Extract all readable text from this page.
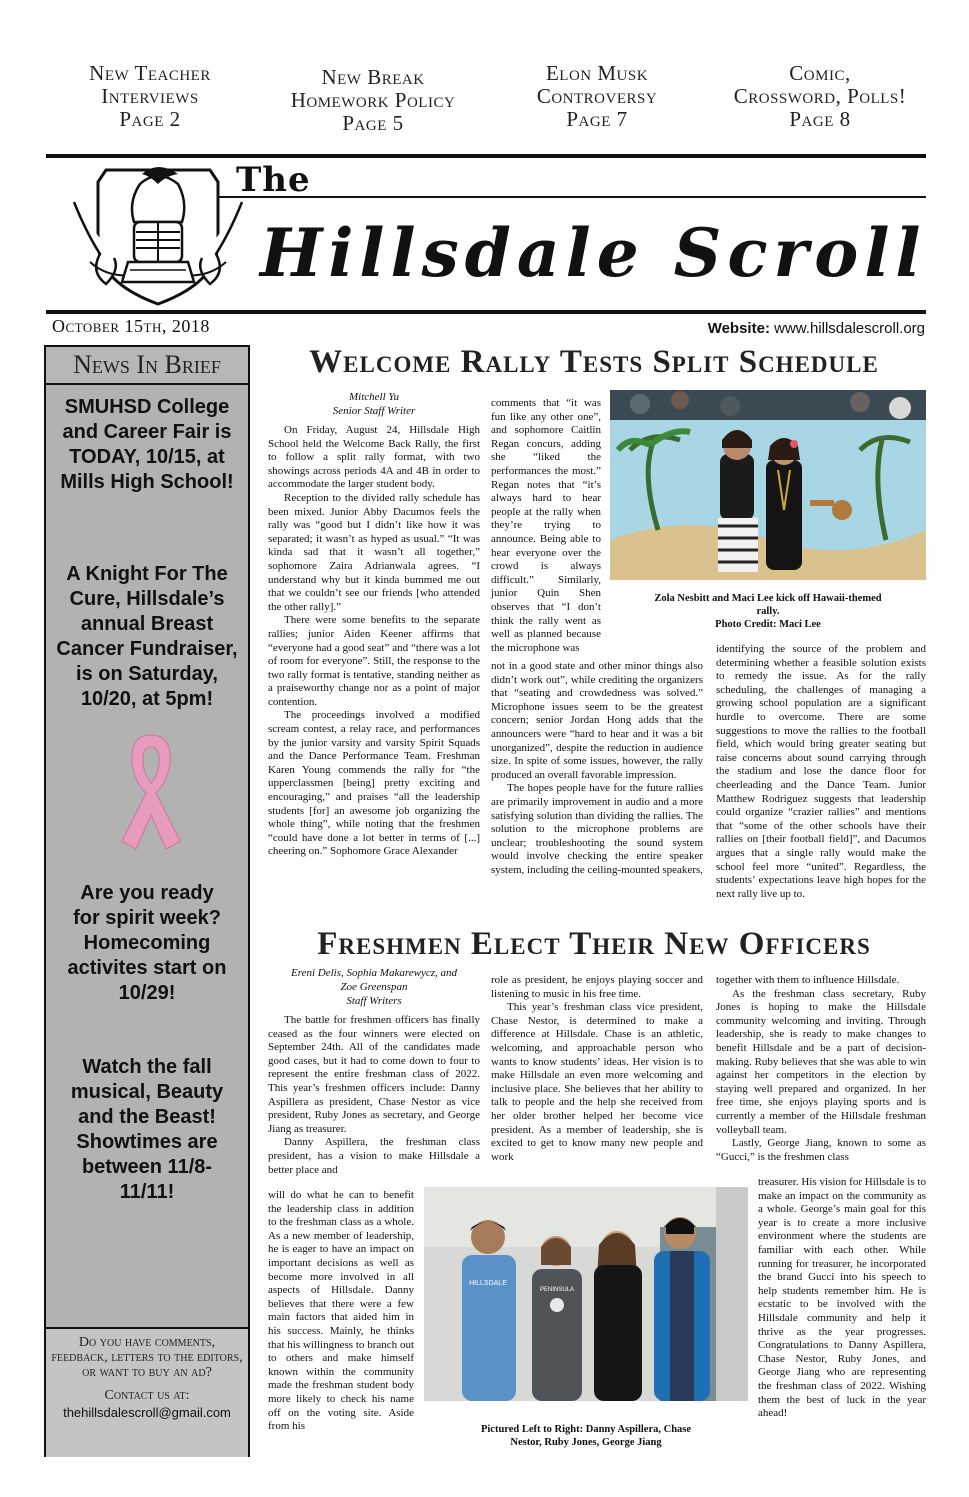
New Teacher
Interviews
Page 2
New Break
Homework Policy
Page 5
Elon Musk
Controversy
Page 7
Comic,
Crossword, Polls!
Page 8
The
Hillsdale Scroll
October 15th, 2018	Website: www.hillsdalescroll.org
News In Brief
SMUHSD College
and Career Fair is
TODAY, 10/15, at
Mills High School!
A Knight For The
Cure, Hillsdale’s
annual Breast
Cancer Fundraiser,
is on Saturday,
10/20, at 5pm!
Are you ready
for spirit week?
Homecoming
activites start on
10/29!
Watch the fall
musical, Beauty
and the Beast!
Showtimes are
between 11/8-
11/11!
Do you have comments, feedback, letters to the editors, or want to buy an ad?
Contact us at:
thehillsdalescroll@gmail.com
Welcome Rally Tests Split Schedule
Mitchell Yu
Senior Staff Writer

On Friday, August 24, Hillsdale High School held the Welcome Back Rally, the first to follow a split rally format, with two showings across periods 4A and 4B in order to accommodate the larger student body.

Reception to the divided rally schedule has been mixed. Junior Abby Dacumos feels the rally was “good but I didn’t like how it was separated; it wasn’t as hyped as usual.” “It was kinda sad that it wasn’t all together,” sophomore Zaira Adrianwala agrees. “I understand why but it kinda bummed me out that we couldn’t see our friends [who attended the other rally].”

There were some benefits to the separate rallies; junior Aiden Keener affirms that “everyone had a good seat” and “there was a lot of room for everyone”. Still, the response to the two rally format is tentative, standing neither as a praiseworthy change nor as a point of major contention.

The proceedings involved a modified scream contest, a relay race, and performances by the junior varsity and varsity Spirit Squads and the Dance Performance Team. Freshman Karen Young commends the rally for “the upperclassmen [being] pretty exciting and encouraging,” and praises “all the leadership students [for] an awesome job organizing the whole thing”, while noting that the freshmen “could have done a lot better in terms of [...] cheering on.” Sophomore Grace Alexander

comments that “it was fun like any other one”, and sophomore Caitlin Regan concurs, adding she “liked the performances the most.” Regan notes that “it’s always hard to hear people at the rally when they’re trying to announce. Being able to hear everyone over the crowd is always difficult.” Similarly, junior Quin Shen observes that “I don’t think the rally went as well as planned because the microphone was

not in a good state and other minor things also didn’t work out”, while crediting the organizers that “seating and crowdedness was solved.” Microphone issues seem to be the greatest concern; senior Jordan Hong adds that the announcers were “hard to hear and it was a bit unorganized”, despite the reduction in audience size. In spite of some issues, however, the rally produced an overall favorable impression.

The hopes people have for the future rallies are primarily improvement in audio and a more satisfying solution than dividing the rallies. The solution to the microphone problems are unclear; troubleshooting the sound system would involve checking the entire speaker system, including the ceiling-mounted speakers,

Zola Nesbitt and Maci Lee kick off Hawaii-themed
rally.
Photo Credit: Maci Lee

identifying the source of the problem and determining whether a feasible solution exists to remedy the issue. As for the rally scheduling, the challenges of managing a growing school population are a significant hurdle to overcome. There are some suggestions to move the rallies to the football field, which would bring greater seating but raise concerns about sound carrying through the stadium and lose the dance floor for cheerleading and the Dance Team. Junior Matthew Rodriguez suggests that leadership could organize “crazier rallies” and mentions that “some of the other schools have their rallies on [their football field]”, and Dacumos argues that a single rally would make the school feel more “united”. Regardless, the students’ expectations leave high hopes for the next rally live up to.

Freshmen Elect Their New Officers
Ereni Delis, Sophia Makarewycz, and
Zoe Greenspan
Staff Writers

The battle for freshmen officers has finally ceased as the four winners were elected on September 24th. All of the candidates made good cases, but it had to come down to four to represent the entire freshman class of 2022. This year’s freshmen officers include: Danny Aspillera as president, Chase Nestor as vice president, Ruby Jones as secretary, and George Jiang as treasurer.

Danny Aspillera, the freshman class president, has a vision to make Hillsdale a better place and

will do what he can to benefit the leadership class in addition to the freshman class as a whole. As a new member of leadership, he is eager to have an impact on important decisions as well as become more involved in all aspects of Hillsdale. Danny believes that there were a few main factors that aided him in his success. Mainly, he thinks that his willingness to branch out to others and make himself known within the community made the freshman student body more likely to check his name off on the voting site. Aside from his

role as president, he enjoys playing soccer and listening to music in his free time.

This year’s freshman class vice president, Chase Nestor, is determined to make a difference at Hillsdale. Chase is an athletic, welcoming, and approachable person who wants to know students’ ideas. Her vision is to make Hillsdale an even more welcoming and inclusive place. She believes that her ability to talk to people and the help she received from her older brother helped her become vice president. As a member of leadership, she is excited to get to know many new people and work

together with them to influence Hillsdale.

As the freshman class secretary, Ruby Jones is hoping to make the Hillsdale community welcoming and inviting. Through leadership, she is ready to make changes to benefit Hillsdale and be a part of decision-making. Ruby believes that she was able to win against her competitors in the election by staying well prepared and organized. In her free time, she enjoys playing sports and is currently a member of the Hillsdale freshman volleyball team.

Lastly, George Jiang, known to some as “Gucci,” is the freshmen class

treasurer. His vision for Hillsdale is to make an impact on the community as a whole. George’s main goal for this year is to create a more inclusive environment where the students are familiar with each other. While running for treasurer, he incorporated the brand Gucci into his speech to help students remember him. He is ecstatic to be involved with the Hillsdale community and help it thrive as the year progresses. Congratulations to Danny Aspillera, Chase Nestor, Ruby Jones, and George Jiang who are representing the freshman class of 2022. Wishing them the best of luck in the year ahead!

HILLSDALE
PENINSULA
Pictured Left to Right: Danny Aspillera, Chase
Nestor, Ruby Jones, George Jiang
